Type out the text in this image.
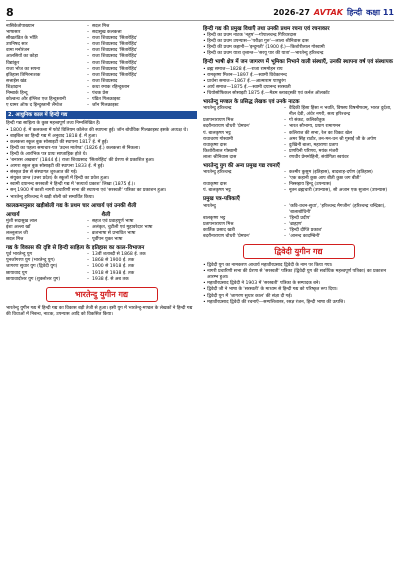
8	2026-27 AVTAK हिन्दी कक्षा 11
नासिकेतोपाख्यान	– सदल मिश्र
भाषासार	– सदासुख कलकत्ता
सीखतंडित के भाँति	– राजा शिवप्रसाद 'सितारेहिंद'
उपनिषद सार	– राजा शिवप्रसाद 'सितारेहिंद'
वामा मनोरंजन	– राजा शिवप्रसाद 'सितारेहिंद'
आलसियों का कोड़ा	– राजा शिवप्रसाद 'सितारेहिंद'
विद्यांकुर	– राजा शिवप्रसाद 'सितारेहिंद'
राजा भोज का सपना	– राजा शिवप्रसाद 'सितारेहिंद'
इतिहास तिमिरनाशक	– राजा शिवप्रसाद 'सितारेहिंद'
सत्ताईस खंड	– राजा शिवप्रसाद
शिक्षादान	– कथा रमाक रहिन्दुस्तान
निम्बार्क हिन्दू	– पंचक प्रेस
कोल्डन्थ और इंग्लिश एज हिन्दुस्तानी	– पंडित गिलक्राइस्ट
ए ग्रामर ऑफ द हिन्दुस्तानी लैंग्वेज	– जॉन गिलक्राइस्ट
2. आधुनिक काल में हिन्दी गद्य
हिन्दी गद्य साहित्य के कुछ महत्त्वपूर्ण तथ्य निम्नलिखित हैं।
• 1800 ई. में कलकत्ता में फोर्ट विलियम कॉलेज की स्थापना हुई। जॉन बोर्थविक गिलक्राइस्ट इसके अध्यक्ष थे।
• बाइबिल का हिन्दी गद्य में अनुवाद 1818 ई. में हुआ।
• कलकत्ता स्कूल बुक सोसाइटी की स्थापना 1817 ई. में हुई।
• हिन्दी का पहला समाचार-पत्र 'उदन्त मार्तण्ड' (1826 ई.) कलकत्ता से निकला।
• हिन्दी के आरंभिक पत्र प्रायः साप्ताहिक होते थे।
• 'बनारस अखबार' (1844 ई.) राजा शिवप्रसाद 'सितारेहिंद' की प्रेरणा से प्रकाशित हुआ।
• आगरा स्कूल बुक सोसाइटी की स्थापना 1833 ई. में हुई।
• संस्कृत प्रेस से संस्थागत शुरुआत की गई।
• संयुक्त प्रान्त (उत्तर प्रदेश) के स्कूलों में हिन्दी का प्रवेश हुआ।
• स्वामी दयानन्द सरस्वती ने हिन्दी गद्य में 'सत्यार्थ प्रकाश' लिखा (1875 ई.)।
• सन् 1900 में काशी नागरी प्रचारिणी सभा की स्थापना एवं 'सरस्वती' पत्रिका का प्रकाशन हुआ।
• भारतेन्दु हरिश्चन्द्र ने खड़ी बोली को सम्वर्धित किया।
कालक्रमानुसार खड़ीबोली गद्य के प्रथम चार आचार्य एवं उनकी शैली
आचार्य	शैली
मुंशी सदासुख लाल	– सहज एवं प्रवाहपूर्ण भाषा
इंशा अल्ला खाँ	– अलंकृत, चुटीली एवं मुहावरेदार भाषा
लल्लूलाल जी	– ब्रजभाषा से प्रभावित भाषा
सदल मिश्र	– पूर्वीपन युक्त भाषा
गद्य के विकास की दृष्टि से हिन्दी साहित्य के इतिहास का काल-विभाजन
पूर्व भारतेन्दु युग	– 13वीं शताब्दी से 1868 ई. तक
पुनर्जागरण युग (भारतेन्दु युग)	– 1868 से 1900 ई. तक
जागरण सुधार युग (द्विवेदी युग)	– 1900 से 1918 ई. तक
छायावाद युग	– 1918 से 1938 ई. तक
छायावादोत्तर युग (शुक्लोत्तर युग)	– 1938 ई. से अब तक
भारतेन्दु युगीन गद्य
भारतेन्दु युगीन गद्य में हिन्दी गद्य का विकास बड़ी तेजी से हुआ। इसी युग में भारतेन्दु-मण्डल के लेखकों ने हिन्दी गद्य की विधाओं में निबन्ध, नाटक, उपन्यास आदि को विकसित किया।
हिन्दी गद्य की प्रमुख विधाएँ तथा उनकी प्रथम रचना एवं रचनाकार
• हिन्दी का प्रथम नाटक 'नहुष'—गोपालचन्द्र गिरिधरदास
• हिन्दी का प्रथम उपन्यास—'परीक्षा गुरु'—लाला श्रीनिवास दास
• हिन्दी की प्रथम कहानी—'इन्दुमती' (1900 ई.)—किशोरीलाल गोस्वामी
• हिन्दी का प्रथम यात्रा वृत्तान्त—'सरयू पार की यात्रा'—भारतेन्दु हरिश्चन्द्र
हिन्दी भाषी क्षेत्र में जन जागरण में भूमिका निभाने वाली संस्थाएँ, उनकी स्थापना वर्ष एवं संस्थापक
• ब्रह्म समाज—1828 ई.—राजा राममोहन राय
• रामकृष्ण मिशन—1897 ई.—स्वामी विवेकानन्द
• प्रार्थना समाज—1867 ई.—आत्माराम पाण्डुरंग
• आर्य समाज—1875 ई.—स्वामी दयानन्द सरस्वती
• थियोसोफिकल सोसाइटी 1875 ई.—मैडम ब्लावट्स्की एवं कर्नल ऑलकॉट
भारतेन्दु मण्डल के प्रसिद्ध लेखक एवं उनके नाटक
भारतेन्दु हरिश्चन्द्र	– वैदिकी हिंसा हिंसा न भवति, विषस्य विषमौषधम्, भारत दुर्दशा, नील देवी, अंधेर नगरी, सत्य हरिश्चन्द्र
प्रतापनारायण मिश्र	– गो संकट, कलिकौतुक
बदरीनारायण चौधरी 'प्रेमघन'	– भारत सौभाग्य, प्रयाग रामागमन
पं. बालकृष्ण भट्ट	– कलिराज की सभा, रेल का विकट खेल
राधाचरण गोस्वामी	– अमर सिंह राठौर, तन-मन-धन श्री गुसाईं जी के अर्पण
राधाकृष्ण दास	– दुःखिनी बाला, महाराणा प्रताप
किशोरीलाल गोस्वामी	– प्रणयिनी परिणय, मयंक मंजरी
लाला श्रीनिवास दास	– रणधीर प्रेममोहिनी, संयोगिता स्वयंवर
भारतेन्दु युग की अन्य प्रमुख गद्य रचनाएँ
भारतेन्दु हरिश्चन्द्र	– कश्मीर कुसुम (इतिहास), बादशाह-दर्पण (इतिहास)
– 'एक कहानी कुछ आप बीती कुछ जग बीती'
राधाकृष्ण दास	– निस्सहाय हिन्दू (उपन्यास)
पं. बालकृष्ण भट्ट	– नूतन ब्रह्मचारी (उपन्यास), सौ अजान एक सुजान (उपन्यास)
प्रमुख पत्र-पत्रिकाएँ
भारतेन्दु	– 'कवि-वचन-सुधा', 'हरिश्चन्द्र मैगजीन' (हरिश्चन्द्र चन्द्रिका), 'बालाबोधिनी'
बालकृष्ण भट्ट	– 'हिन्दी प्रदीप'
प्रतापनारायण मिश्र	– 'ब्राह्मण'
कार्तिक प्रसाद खत्री	– 'हिन्दी दीप्ति प्रकाश'
बदरीनारायण चौधरी 'प्रेमघन'	– 'आनन्द कादम्बिनी'
द्विवेदी युगीन गद्य
• द्विवेदी युग का नामकरण आचार्य महावीरप्रसाद द्विवेदी के नाम पर किया गया।
• नागरी प्रचारिणी सभा की प्रेरणा से 'सरस्वती' पत्रिका (द्विवेदी युग की सर्वाधिक महत्त्वपूर्ण पत्रिका) का प्रकाशन आरम्भ हुआ।
• महावीरप्रसाद द्विवेदी ने 1903 में 'सरस्वती' पत्रिका के सम्पादक बने।
• द्विवेदी जी ने भाषा के 'सरस्वती' के माध्यम से हिन्दी गद्य को परिष्कृत रूप दिया।
• द्विवेदी युग में 'जागरण सुधार काल' की संज्ञा दी गई।
• महावीरप्रसाद द्विवेदी की रचनाएँ—सम्पत्तिशास्त्र, रसज्ञ रंजन, हिन्दी भाषा की उत्पत्ति।
